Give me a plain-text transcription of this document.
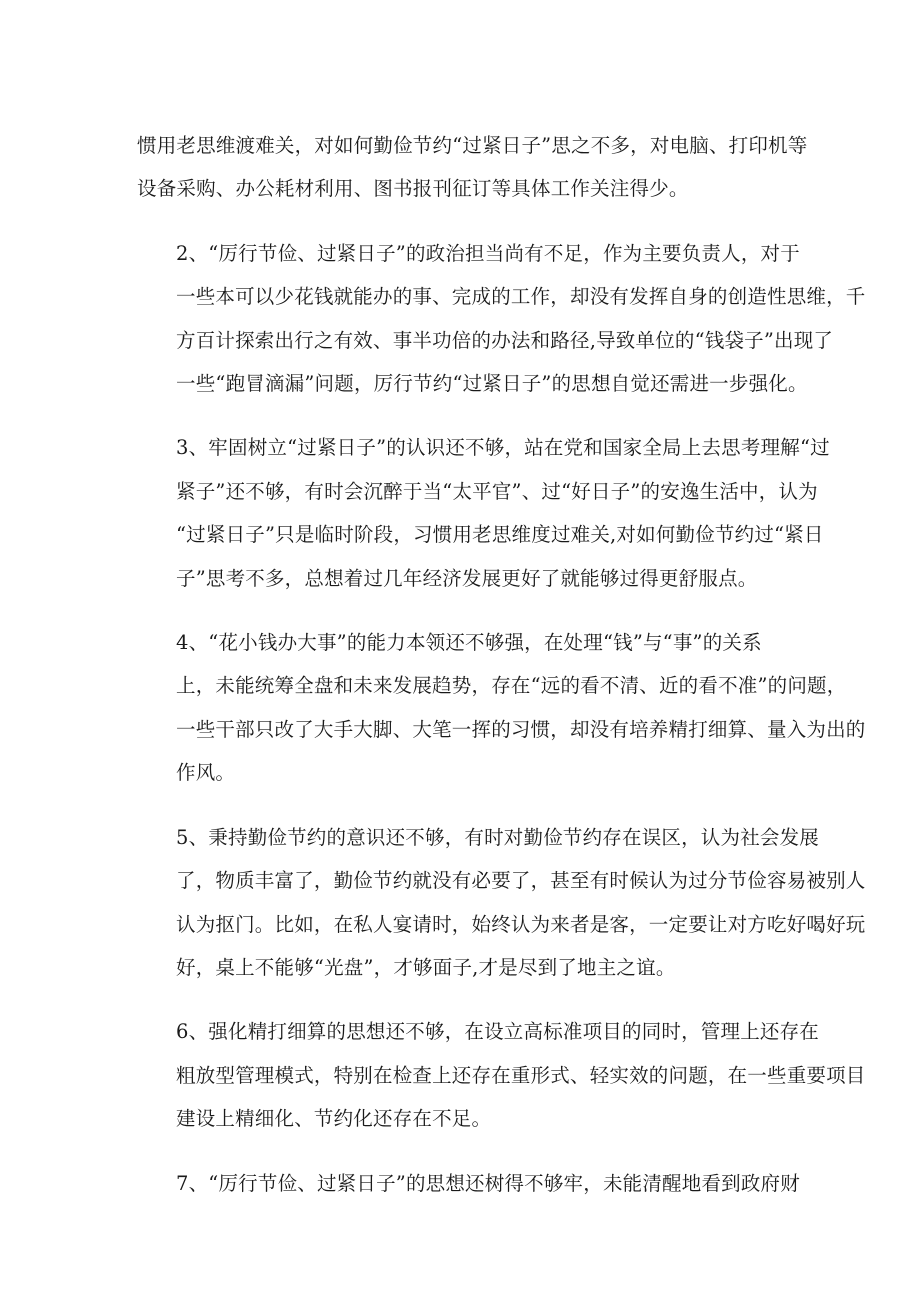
惯用老思维渡难关，对如何勤俭节约“过紧日子”思之不多，对电脑、打印机等
设备采购、办公耗材利用、图书报刊征订等具体工作关注得少。

2、“厉行节俭、过紧日子”的政治担当尚有不足，作为主要负责人，对于
一些本可以少花钱就能办的事、完成的工作，却没有发挥自身的创造性思维，千
方百计探索出行之有效、事半功倍的办法和路径,导致单位的“钱袋子”出现了
一些“跑冒滴漏”问题，厉行节约“过紧日子”的思想自觉还需进一步强化。

3、牢固树立“过紧日子”的认识还不够，站在党和国家全局上去思考理解“过
紧子”还不够，有时会沉醉于当“太平官”、过“好日子”的安逸生活中，认为
“过紧日子”只是临时阶段，习惯用老思维度过难关,对如何勤俭节约过“紧日
子”思考不多，总想着过几年经济发展更好了就能够过得更舒服点。

4、“花小钱办大事”的能力本领还不够强，在处理“钱”与“事”的关系
上，未能统筹全盘和未来发展趋势，存在“远的看不清、近的看不准”的问题，
一些干部只改了大手大脚、大笔一挥的习惯，却没有培养精打细算、量入为出的
作风。

5、秉持勤俭节约的意识还不够，有时对勤俭节约存在误区，认为社会发展
了，物质丰富了，勤俭节约就没有必要了，甚至有时候认为过分节俭容易被别人
认为抠门。比如，在私人宴请时，始终认为来者是客，一定要让对方吃好喝好玩
好，桌上不能够“光盘”，才够面子,才是尽到了地主之谊。

6、强化精打细算的思想还不够，在设立高标准项目的同时，管理上还存在
粗放型管理模式，特别在检查上还存在重形式、轻实效的问题，在一些重要项目
建设上精细化、节约化还存在不足。

7、“厉行节俭、过紧日子”的思想还树得不够牢，未能清醒地看到政府财
